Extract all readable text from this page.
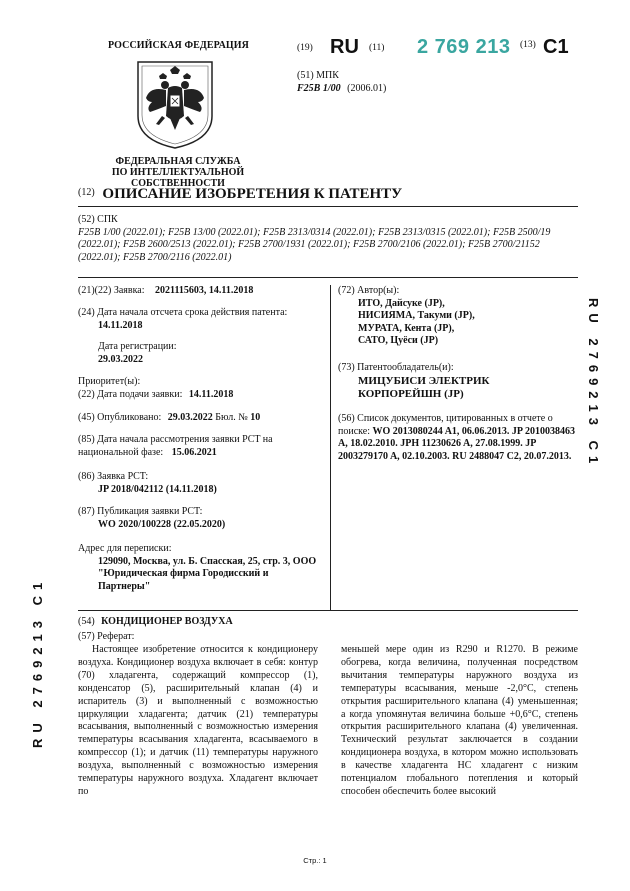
РОССИЙСКАЯ ФЕДЕРАЦИЯ
ФЕДЕРАЛЬНАЯ СЛУЖБА
ПО ИНТЕЛЛЕКТУАЛЬНОЙ СОБСТВЕННОСТИ
(19) RU (11) 2 769 213 (13) C1
(51) МПК
F25B 1/00 (2006.01)
$^{(12)}$ ОПИСАНИЕ ИЗОБРЕТЕНИЯ К ПАТЕНТУ
(52) СПК
F25B 1/00 (2022.01); F25B 13/00 (2022.01); F25B 2313/0314 (2022.01); F25B 2313/0315 (2022.01); F25B 2500/19 (2022.01); F25B 2600/2513 (2022.01); F25B 2700/1931 (2022.01); F25B 2700/2106 (2022.01); F25B 2700/21152 (2022.01); F25B 2700/2116 (2022.01)
(21)(22) Заявка: 2021115603, 14.11.2018
(24) Дата начала отсчета срока действия патента:
14.11.2018
Дата регистрации:
29.03.2022
Приоритет(ы):
(22) Дата подачи заявки: 14.11.2018
(45) Опубликовано: 29.03.2022 Бюл. № 10
(85) Дата начала рассмотрения заявки PCT на национальной фазе: 15.06.2021
(86) Заявка PCT:
JP 2018/042112 (14.11.2018)
(87) Публикация заявки PCT:
WO 2020/100228 (22.05.2020)
Адрес для переписки:
129090, Москва, ул. Б. Спасская, 25, стр. 3, ООО "Юридическая фирма Городисский и Партнеры"
(72) Автор(ы):
ИТО, Дайсуке (JP),
НИСИЯМА, Такуми (JP),
МУРАТА, Кента (JP),
САТО, Цуёси (JP)
(73) Патентообладатель(и):
МИЦУБИСИ ЭЛЕКТРИК КОРПОРЕЙШН (JP)
(56) Список документов, цитированных в отчете о поиске: WO 2013080244 A1, 06.06.2013. JP 2010038463 A, 18.02.2010. JPH 11230626 A, 27.08.1999. JP 2003279170 A, 02.10.2003. RU 2488047 C2, 20.07.2013.	RU 2769213 C1
RU 2769213 C1	(54) КОНДИЦИОНЕР ВОЗДУХА
(57) Реферат:
Настоящее изобретение относится к кондиционеру воздуха. Кондиционер воздуха включает в себя: контур (70) хладагента, содержащий компрессор (1), конденсатор (5), расширительный клапан (4) и испаритель (3) и выполненный с возможностью циркуляции хладагента; датчик (21) температуры всасывания, выполненный с возможностью измерения температуры всасывания хладагента, всасываемого в компрессор (1); и датчик (11) температуры наружного воздуха, выполненный с возможностью измерения температуры наружного воздуха. Хладагент включает по
меньшей мере один из R290 и R1270. В режиме обогрева, когда величина, полученная посредством вычитания температуры наружного воздуха из температуры всасывания, меньше -2,0°C, степень открытия расширительного клапана (4) уменьшенная; а когда упомянутая величина больше +0,6°C, степень открытия расширительного клапана (4) увеличенная. Технический результат заключается в создании кондиционера воздуха, в котором можно использовать в качестве хладагента НС хладагент с низким потенциалом глобального потепления и который способен обеспечить более высокий
Стр.: 1
